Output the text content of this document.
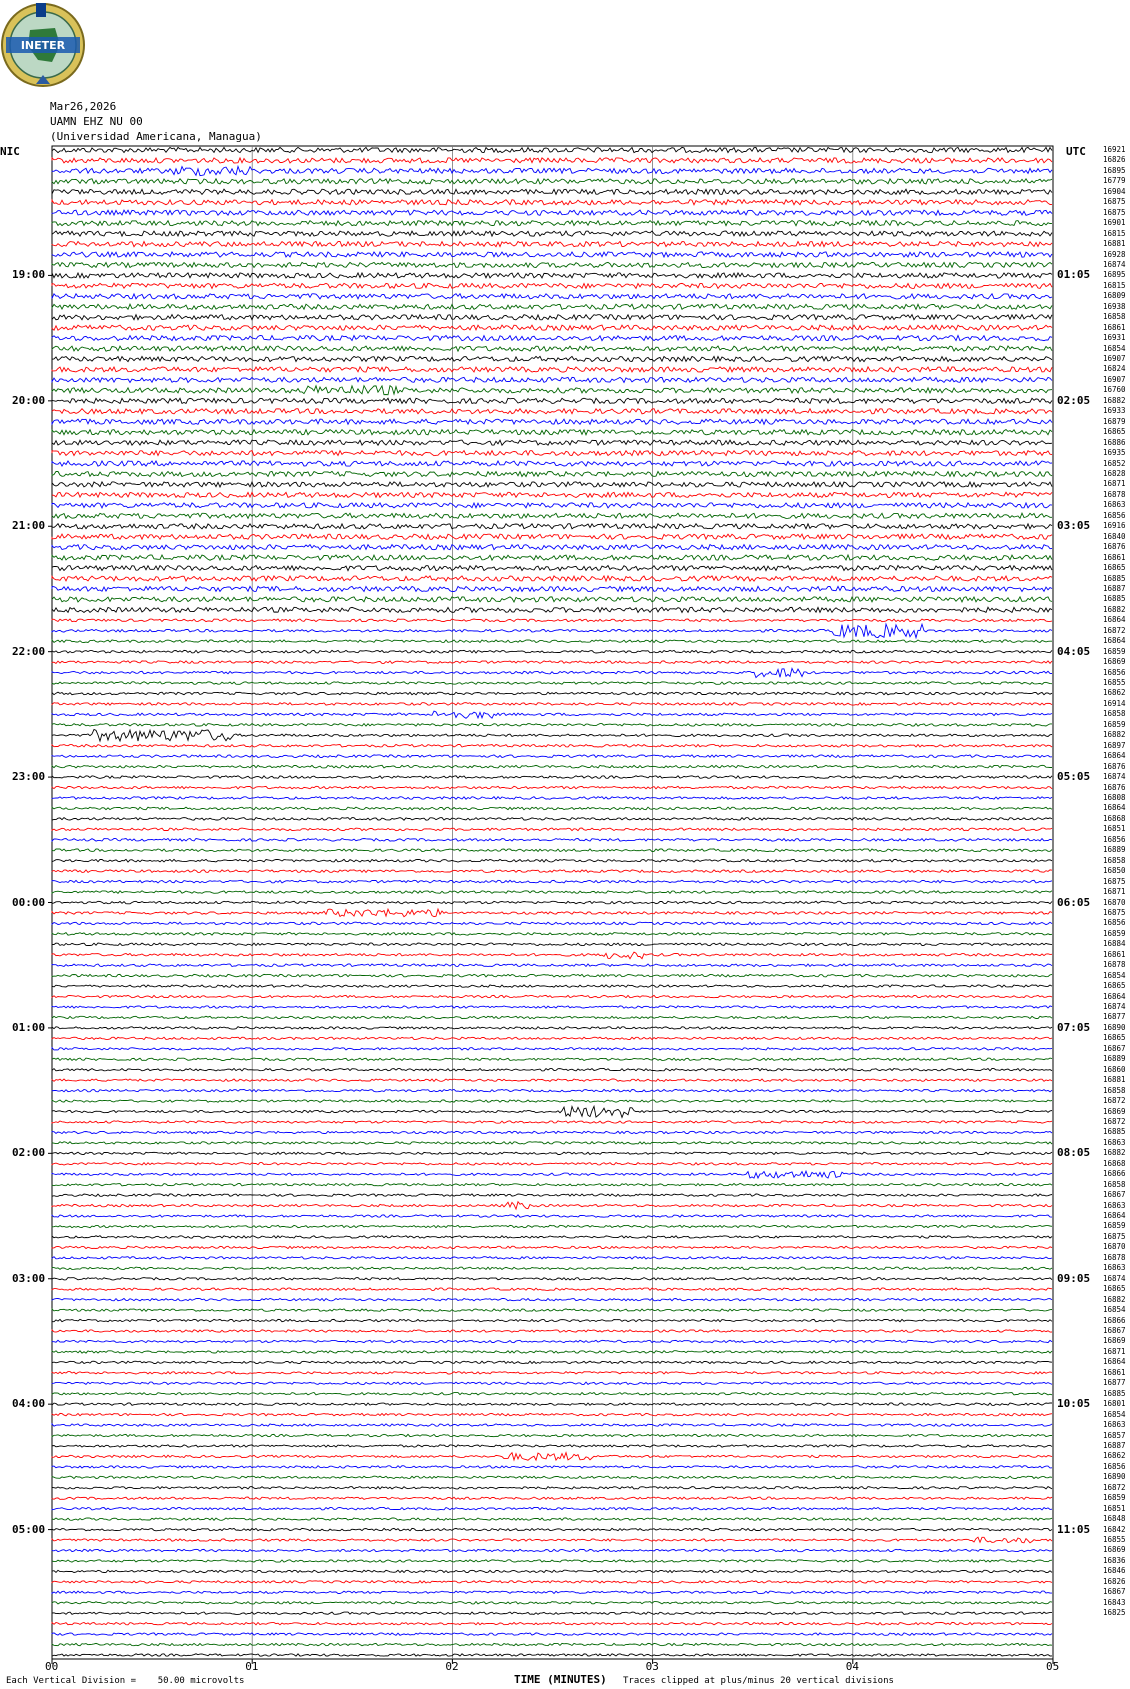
INETER
Mar26,2026
UAMN EHZ NU 00
(Universidad Americana, Managua)
NIC	UTC
19:00
20:00
21:00
22:00
23:00
00:00
01:00
02:00
03:00
04:00
05:00
01:05
02:05
03:05
04:05
05:05
06:05
07:05
08:05
09:05
10:05
11:05
16921
16826
16895
16779
16904
16875
16875
16901
16815
16881
16928
16874
16895
16815
16809
16938
16858
16861
16931
16854
16907
16824
16907
16760
16882
16933
16879
16865
16886
16935
16852
16828
16871
16878
16863
16856
16916
16840
16876
16861
16865
16885
16887
16885
16882
16864
16872
16864
16859
16869
16856
16855
16862
16914
16858
16859
16882
16897
16864
16876
16874
16876
16808
16864
16868
16851
16856
16889
16858
16850
16875
16871
16870
16875
16856
16859
16884
16861
16878
16854
16865
16864
16874
16877
16890
16865
16867
16889
16860
16881
16858
16872
16869
16872
16885
16863
16882
16868
16866
16858
16867
16863
16864
16859
16875
16870
16878
16863
16874
16865
16882
16854
16866
16867
16869
16871
16864
16861
16877
16885
16801
16854
16863
16857
16887
16862
16856
16890
16872
16859
16851
16848
16842
16855
16869
16836
16846
16826
16867
16843
16825
00	01	02	03	04	05
Each Vertical Division =    50.00 microvolts	TIME (MINUTES) Traces clipped at plus/minus 20 vertical divisions
